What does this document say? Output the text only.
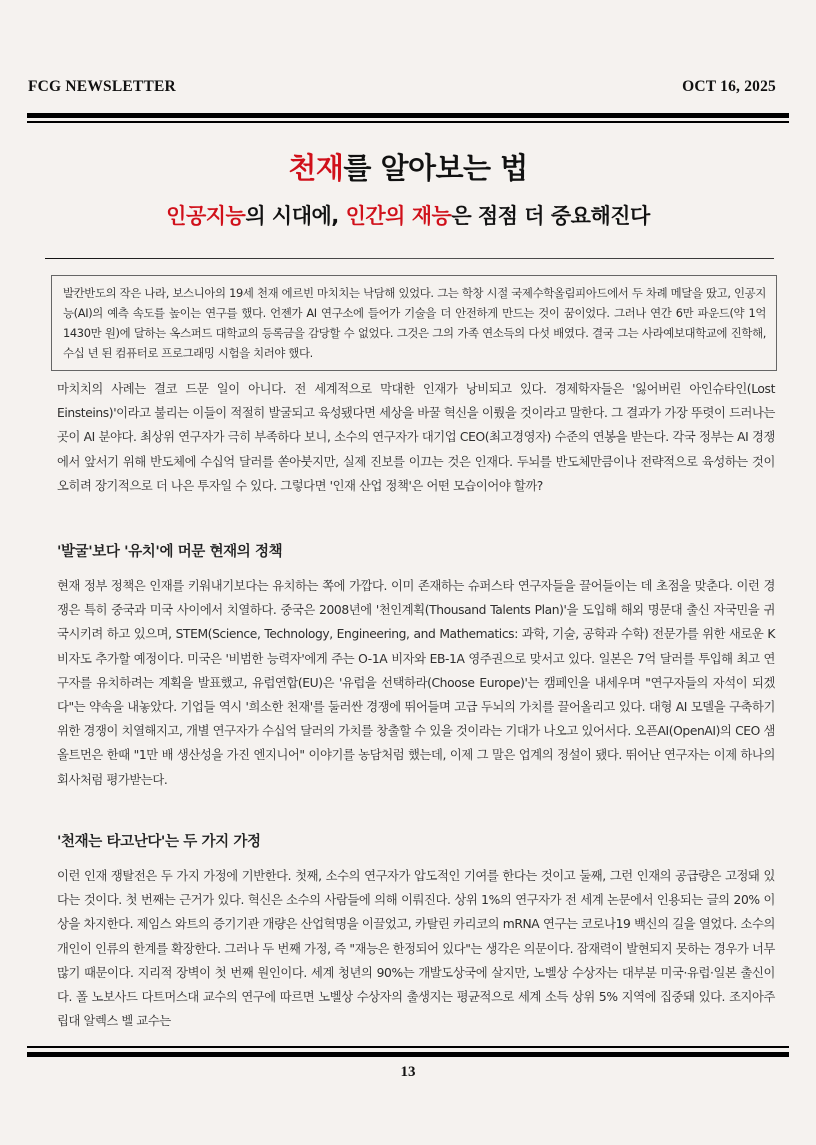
FCG NEWSLETTER	OCT 16, 2025
천재를 알아보는 법
인공지능의 시대에, 인간의 재능은 점점 더 중요해진다
발칸반도의 작은 나라, 보스니아의 19세 천재 에르빈 마치치는 낙담해 있었다. 그는 학창 시절 국제수학올림피아드에서 두 차례 메달을 땄고, 인공지능(AI)의 예측 속도를 높이는 연구를 했다. 언젠가 AI 연구소에 들어가 기술을 더 안전하게 만드는 것이 꿈이었다. 그러나 연간 6만 파운드(약 1억1430만 원)에 달하는 옥스퍼드 대학교의 등록금을 감당할 수 없었다. 그것은 그의 가족 연소득의 다섯 배였다. 결국 그는 사라예보대학교에 진학해, 수십 년 된 컴퓨터로 프로그래밍 시험을 치러야 했다.

마치치의 사례는 결코 드문 일이 아니다. 전 세계적으로 막대한 인재가 낭비되고 있다. 경제학자들은 '잃어버린 아인슈타인(Lost Einsteins)'이라고 불리는 이들이 적절히 발굴되고 육성됐다면 세상을 바꿀 혁신을 이뤘을 것이라고 말한다. 그 결과가 가장 뚜렷이 드러나는 곳이 AI 분야다. 최상위 연구자가 극히 부족하다 보니, 소수의 연구자가 대기업 CEO(최고경영자) 수준의 연봉을 받는다. 각국 정부는 AI 경쟁에서 앞서기 위해 반도체에 수십억 달러를 쏟아붓지만, 실제 진보를 이끄는 것은 인재다. 두뇌를 반도체만큼이나 전략적으로 육성하는 것이 오히려 장기적으로 더 나은 투자일 수 있다. 그렇다면 '인재 산업 정책'은 어떤 모습이어야 할까?

'발굴'보다 '유치'에 머문 현재의 정책

현재 정부 정책은 인재를 키워내기보다는 유치하는 쪽에 가깝다. 이미 존재하는 슈퍼스타 연구자들을 끌어들이는 데 초점을 맞춘다. 이런 경쟁은 특히 중국과 미국 사이에서 치열하다. 중국은 2008년에 '천인계획(Thousand Talents Plan)'을 도입해 해외 명문대 출신 자국민을 귀국시키려 하고 있으며, STEM(Science, Technology, Engineering, and Mathematics: 과학, 기술, 공학과 수학) 전문가를 위한 새로운 K비자도 추가할 예정이다. 미국은 '비범한 능력자'에게 주는 O-1A 비자와 EB-1A 영주권으로 맞서고 있다. 일본은 7억 달러를 투입해 최고 연구자를 유치하려는 계획을 발표했고, 유럽연합(EU)은 '유럽을 선택하라(Choose Europe)'는 캠페인을 내세우며 "연구자들의 자석이 되겠다"는 약속을 내놓았다. 기업들 역시 '희소한 천재'를 둘러싼 경쟁에 뛰어들며 고급 두뇌의 가치를 끌어올리고 있다. 대형 AI 모델을 구축하기 위한 경쟁이 치열해지고, 개별 연구자가 수십억 달러의 가치를 창출할 수 있을 것이라는 기대가 나오고 있어서다. 오픈AI(OpenAI)의 CEO 샘 올트먼은 한때 "1만 배 생산성을 가진 엔지니어" 이야기를 농담처럼 했는데, 이제 그 말은 업계의 정설이 됐다. 뛰어난 연구자는 이제 하나의 회사처럼 평가받는다.

'천재는 타고난다'는 두 가지 가정

이런 인재 쟁탈전은 두 가지 가정에 기반한다. 첫째, 소수의 연구자가 압도적인 기여를 한다는 것이고 둘째, 그런 인재의 공급량은 고정돼 있다는 것이다. 첫 번째는 근거가 있다. 혁신은 소수의 사람들에 의해 이뤄진다. 상위 1%의 연구자가 전 세계 논문에서 인용되는 글의 20% 이상을 차지한다. 제임스 와트의 증기기관 개량은 산업혁명을 이끌었고, 카탈린 카리코의 mRNA 연구는 코로나19 백신의 길을 열었다. 소수의 개인이 인류의 한계를 확장한다. 그러나 두 번째 가정, 즉 "재능은 한정되어 있다"는 생각은 의문이다. 잠재력이 발현되지 못하는 경우가 너무 많기 때문이다. 지리적 장벽이 첫 번째 원인이다. 세계 청년의 90%는 개발도상국에 살지만, 노벨상 수상자는 대부분 미국·유럽·일본 출신이다. 폴 노보사드 다트머스대 교수의 연구에 따르면 노벨상 수상자의 출생지는 평균적으로 세계 소득 상위 5% 지역에 집중돼 있다. 조지아주립대 알렉스 벨 교수는

13
